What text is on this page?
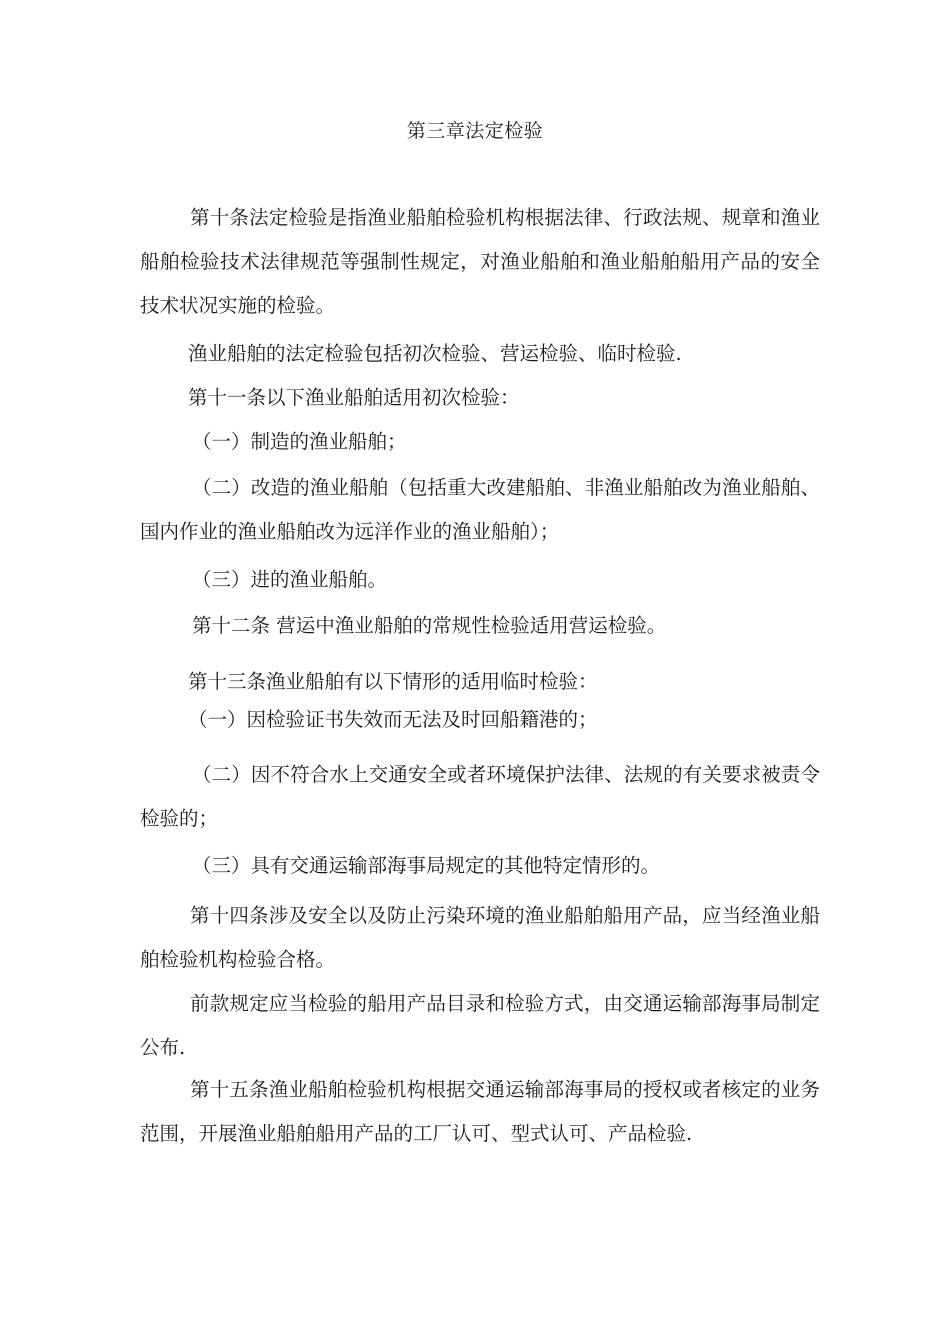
第三章法定检验

第十条法定检验是指渔业船舶检验机构根据法律、行政法规、规章和渔业船舶检验技术法律规范等强制性规定，对渔业船舶和渔业船舶船用产品的安全技术状况实施的检验。

渔业船舶的法定检验包括初次检验、营运检验、临时检验.

第十一条以下渔业船舶适用初次检验：

（一）制造的渔业船舶；

（二）改造的渔业船舶（包括重大改建船舶、非渔业船舶改为渔业船舶、国内作业的渔业船舶改为远洋作业的渔业船舶）；

（三）进的渔业船舶。

第十二条 营运中渔业船舶的常规性检验适用营运检验。

第十三条渔业船舶有以下情形的适用临时检验：

（一）因检验证书失效而无法及时回船籍港的；

（二）因不符合水上交通安全或者环境保护法律、法规的有关要求被责令检验的；

（三）具有交通运输部海事局规定的其他特定情形的。

第十四条涉及安全以及防止污染环境的渔业船舶船用产品，应当经渔业船舶检验机构检验合格。

前款规定应当检验的船用产品目录和检验方式，由交通运输部海事局制定公布.

第十五条渔业船舶检验机构根据交通运输部海事局的授权或者核定的业务范围，开展渔业船舶船用产品的工厂认可、型式认可、产品检验.
